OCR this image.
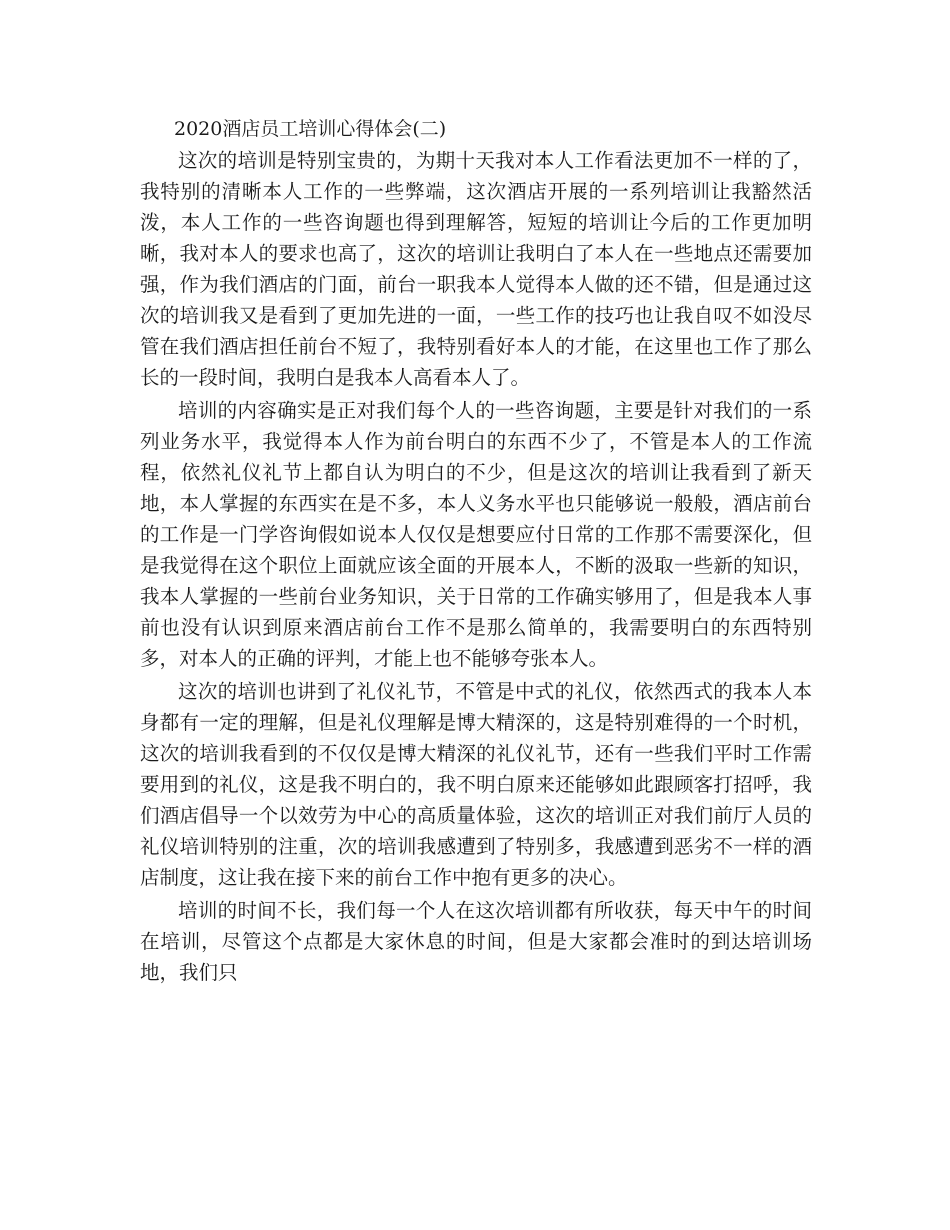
2020酒店员工培训心得体会(二)

这次的培训是特别宝贵的，为期十天我对本人工作看法更加不一样的了，我特别的清晰本人工作的一些弊端，这次酒店开展的一系列培训让我豁然活泼，本人工作的一些咨询题也得到理解答，短短的培训让今后的工作更加明晰，我对本人的要求也高了，这次的培训让我明白了本人在一些地点还需要加强，作为我们酒店的门面，前台一职我本人觉得本人做的还不错，但是通过这次的培训我又是看到了更加先进的一面，一些工作的技巧也让我自叹不如没尽管在我们酒店担任前台不短了，我特别看好本人的才能，在这里也工作了那么长的一段时间，我明白是我本人高看本人了。

培训的内容确实是正对我们每个人的一些咨询题，主要是针对我们的一系列业务水平，我觉得本人作为前台明白的东西不少了，不管是本人的工作流程，依然礼仪礼节上都自认为明白的不少，但是这次的培训让我看到了新天地，本人掌握的东西实在是不多，本人义务水平也只能够说一般般，酒店前台的工作是一门学咨询假如说本人仅仅是想要应付日常的工作那不需要深化，但是我觉得在这个职位上面就应该全面的开展本人，不断的汲取一些新的知识，我本人掌握的一些前台业务知识，关于日常的工作确实够用了，但是我本人事前也没有认识到原来酒店前台工作不是那么简单的，我需要明白的东西特别多，对本人的正确的评判，才能上也不能够夸张本人。

这次的培训也讲到了礼仪礼节，不管是中式的礼仪，依然西式的我本人本身都有一定的理解，但是礼仪理解是博大精深的，这是特别难得的一个时机，这次的培训我看到的不仅仅是博大精深的礼仪礼节，还有一些我们平时工作需要用到的礼仪，这是我不明白的，我不明白原来还能够如此跟顾客打招呼，我们酒店倡导一个以效劳为中心的高质量体验，这次的培训正对我们前厅人员的礼仪培训特别的注重，次的培训我感遭到了特别多，我感遭到恶劣不一样的酒店制度，这让我在接下来的前台工作中抱有更多的决心。

培训的时间不长，我们每一个人在这次培训都有所收获，每天中午的时间在培训，尽管这个点都是大家休息的时间，但是大家都会准时的到达培训场地，我们只
